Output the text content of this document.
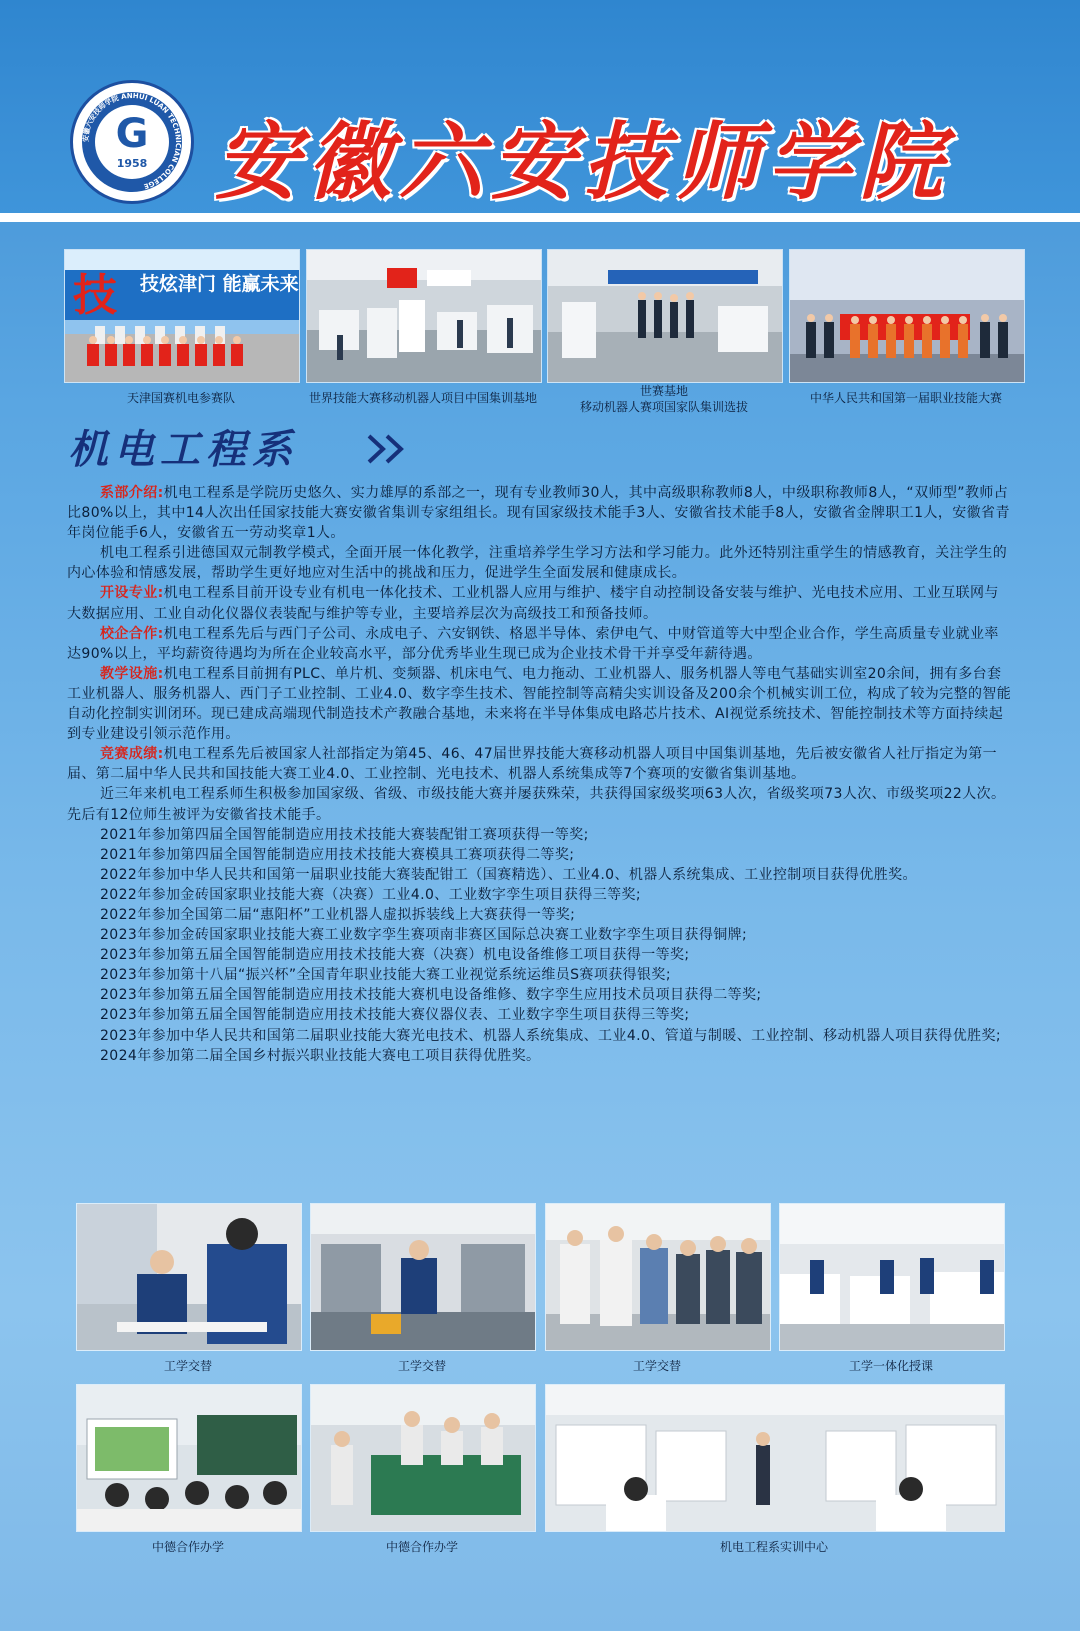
安徽六安技师学院 ANHUI LUAN TECHNICIAN COLLEGE
G
1958 安徽六安技师学院
技 技炫津门 能赢未来
天津国赛机电参赛队	世界技能大赛移动机器人项目中国集训基地	世赛基地
移动机器人赛项国家队集训选拔
中华人民共和国第一届职业技能大赛
机电工程系

系部介绍:机电工程系是学院历史悠久、实力雄厚的系部之一，现有专业教师30人，其中高级职称教师8人，中级职称教师8人，“双师型”教师占比80%以上，其中14人次出任国家技能大赛安徽省集训专家组组长。现有国家级技术能手3人、安徽省技术能手8人，安徽省金牌职工1人，安徽省青年岗位能手6人，安徽省五一劳动奖章1人。

机电工程系引进德国双元制教学模式，全面开展一体化教学，注重培养学生学习方法和学习能力。此外还特别注重学生的情感教育，关注学生的内心体验和情感发展，帮助学生更好地应对生活中的挑战和压力，促进学生全面发展和健康成长。

开设专业:机电工程系目前开设专业有机电一体化技术、工业机器人应用与维护、楼宇自动控制设备安装与维护、光电技术应用、工业互联网与大数据应用、工业自动化仪器仪表装配与维护等专业，主要培养层次为高级技工和预备技师。

校企合作:机电工程系先后与西门子公司、永成电子、六安钢铁、格恩半导体、索伊电气、中财管道等大中型企业合作，学生高质量专业就业率达90%以上，平均薪资待遇均为所在企业较高水平，部分优秀毕业生现已成为企业技术骨干并享受年薪待遇。

教学设施:机电工程系目前拥有PLC、单片机、变频器、机床电气、电力拖动、工业机器人、服务机器人等电气基础实训室20余间，拥有多台套工业机器人、服务机器人、西门子工业控制、工业4.0、数字孪生技术、智能控制等高精尖实训设备及200余个机械实训工位，构成了较为完整的智能自动化控制实训闭环。现已建成高端现代制造技术产教融合基地，未来将在半导体集成电路芯片技术、AI视觉系统技术、智能控制技术等方面持续起到专业建设引领示范作用。

竞赛成绩:机电工程系先后被国家人社部指定为第45、46、47届世界技能大赛移动机器人项目中国集训基地，先后被安徽省人社厅指定为第一届、第二届中华人民共和国技能大赛工业4.0、工业控制、光电技术、机器人系统集成等7个赛项的安徽省集训基地。

近三年来机电工程系师生积极参加国家级、省级、市级技能大赛并屡获殊荣，共获得国家级奖项63人次，省级奖项73人次、市级奖项22人次。先后有12位师生被评为安徽省技术能手。

2021年参加第四届全国智能制造应用技术技能大赛装配钳工赛项获得一等奖;

2021年参加第四届全国智能制造应用技术技能大赛模具工赛项获得二等奖;

2022年参加中华人民共和国第一届职业技能大赛装配钳工（国赛精选）、工业4.0、机器人系统集成、工业控制项目获得优胜奖。

2022年参加金砖国家职业技能大赛（决赛）工业4.0、工业数字孪生项目获得三等奖;

2022年参加全国第二届“惠阳杯”工业机器人虚拟拆装线上大赛获得一等奖;

2023年参加金砖国家职业技能大赛工业数字孪生赛项南非赛区国际总决赛工业数字孪生项目获得铜牌;

2023年参加第五届全国智能制造应用技术技能大赛（决赛）机电设备维修工项目获得一等奖;

2023年参加第十八届“振兴杯”全国青年职业技能大赛工业视觉系统运维员S赛项获得银奖;

2023年参加第五届全国智能制造应用技术技能大赛机电设备维修、数字孪生应用技术员项目获得二等奖;

2023年参加第五届全国智能制造应用技术技能大赛仪器仪表、工业数字孪生项目获得三等奖;

2023年参加中华人民共和国第二届职业技能大赛光电技术、机器人系统集成、工业4.0、管道与制暖、工业控制、移动机器人项目获得优胜奖;

2024年参加第二届全国乡村振兴职业技能大赛电工项目获得优胜奖。

工学交替	工学交替	工学交替	工学一体化授课
中德合作办学	中德合作办学	机电工程系实训中心
